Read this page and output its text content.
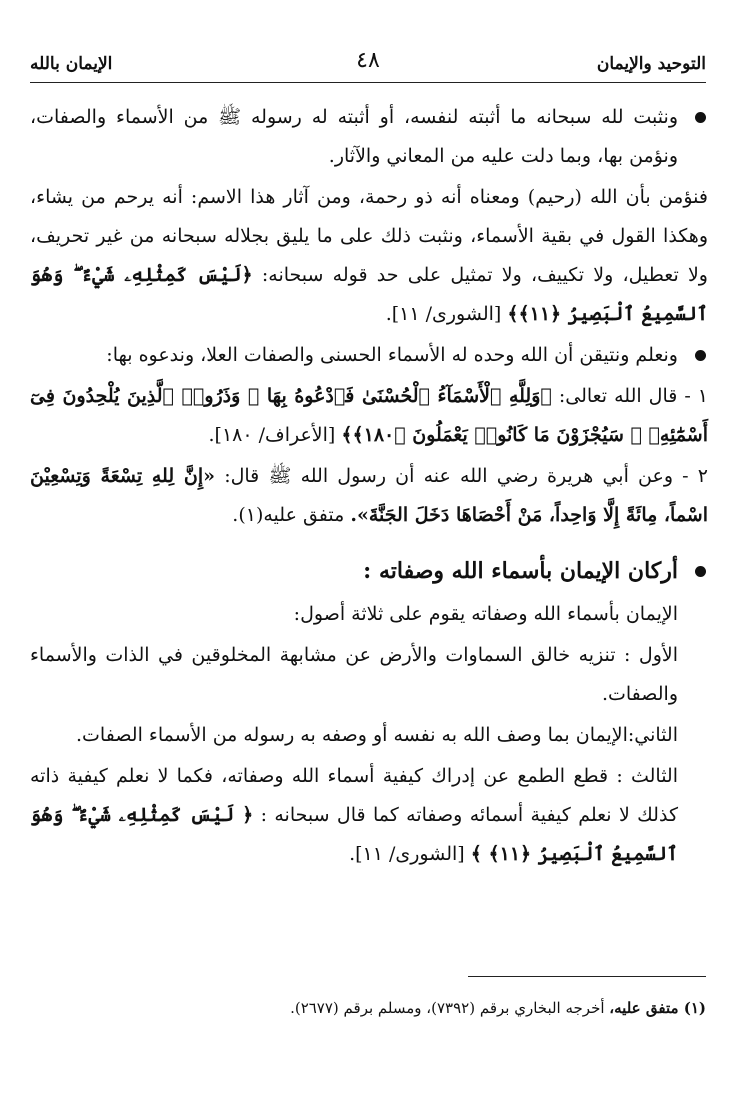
التوحيد والإيمان
٤٨
الإيمان بالله

ونثبت لله سبحانه ما أثبته لنفسه، أو أثبته له رسوله ﷺ من الأسماء والصفات، ونؤمن بها، وبما دلت عليه من المعاني والآثار.

فنؤمن بأن الله (رحيم) ومعناه أنه ذو رحمة، ومن آثار هذا الاسم: أنه يرحم من يشاء، وهكذا القول في بقية الأسماء، ونثبت ذلك على ما يليق بجلاله سبحانه من غير تحريف، ولا تعطيل، ولا تكييف، ولا تمثيل على حد قوله سبحانه: ﴿لَيْسَ كَمِثْلِهِۦ شَيْءٌ ۖ وَهُوَ ٱلسَّمِيعُ ٱلْبَصِيرُ ﴿١١﴾﴾ [الشورى/ ١١].

ونعلم ونتيقن أن الله وحده له الأسماء الحسنى والصفات العلا، وندعوه بها:

١ - قال الله تعالى: ﴿وَلِلَّهِ ٱلْأَسْمَآءُ ٱلْحُسْنَىٰ فَٱدْعُوهُ بِهَا ۖ وَذَرُوا۟ ٱلَّذِينَ يُلْحِدُونَ فِىٓ أَسْمَٰٓئِهِۦ ۚ سَيُجْزَوْنَ مَا كَانُوا۟ يَعْمَلُونَ ﴿١٨٠﴾﴾ [الأعراف/ ١٨٠].

٢ - وعن أبي هريرة رضي الله عنه أن رسول الله ﷺ قال: «إِنَّ لِلهِ تِسْعَةً وَتِسْعِيْنَ اسْماً، مِائَةً إِلَّا وَاحِداً، مَنْ أَحْصَاهَا دَخَلَ الجَنَّةَ». متفق عليه(١).

أركان الإيمان بأسماء الله وصفاته :

الإيمان بأسماء الله وصفاته يقوم على ثلاثة أصول:

الأول : تنزيه خالق السماوات والأرض عن مشابهة المخلوقين في الذات والأسماء والصفات.

الثاني:الإيمان بما وصف الله به نفسه أو وصفه به رسوله من الأسماء الصفات.

الثالث : قطع الطمع عن إدراك كيفية أسماء الله وصفاته، فكما لا نعلم كيفية ذاته كذلك لا نعلم كيفية أسمائه وصفاته كما قال سبحانه : ﴿ لَيْسَ كَمِثْلِهِۦ شَيْءٌ ۖ وَهُوَ ٱلسَّمِيعُ ٱلْبَصِيرُ ﴿١١﴾ ﴾ [الشورى/ ١١].

(١) متفق عليه، أخرجه البخاري برقم (٧٣٩٢)، ومسلم برقم (٢٦٧٧).
